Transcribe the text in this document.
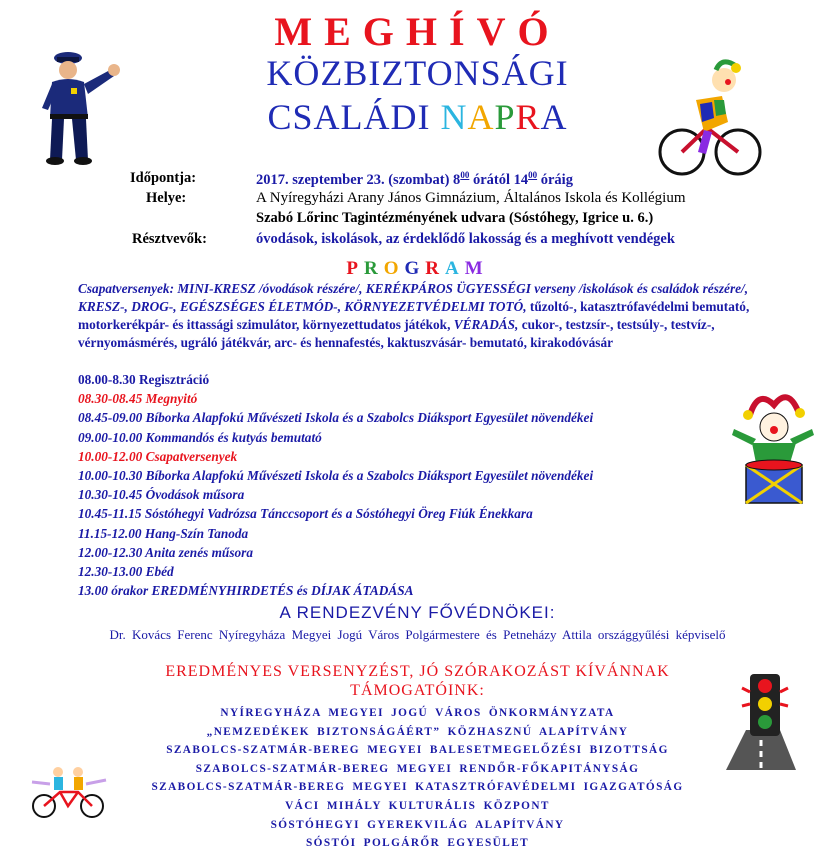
MEGHÍVÓ
KÖZBIZTONSÁGI
CSALÁDI NAPRA
Időpontja:	2017. szeptember 23. (szombat) $8^{00}$ órától $14^{00}$ óráig
Helye:	A Nyíregyházi Arany János Gimnázium, Általános Iskola és Kollégium
Szabó Lőrinc Tagintézményének udvara (Sóstóhegy, Igrice u. 6.)
Résztvevők:	óvodások, iskolások, az érdeklődő lakosság és a meghívott vendégek
PROGRAM
Csapatversenyek: MINI-KRESZ /óvodások részére/, KERÉKPÁROS ÜGYESSÉGI verseny /iskolások és családok részére/, KRESZ-, DROG-, EGÉSZSÉGES ÉLETMÓD-, KÖRNYEZETVÉDELMI TOTÓ, tűzoltó-, katasztrófavédelmi bemutató, motorkerékpár- és ittassági szimulátor, környezettudatos játékok, VÉRADÁS, cukor-, testzsír-, testsúly-, testvíz-, vérnyomásmérés, ugráló játékvár, arc- és hennafestés, kaktuszvásár- bemutató, kirakodóvásár
08.00-8.30 Regisztráció
08.30-08.45 Megnyitó
08.45-09.00 Bíborka Alapfokú Művészeti Iskola és a Szabolcs Diáksport Egyesület növendékei
09.00-10.00 Kommandós és kutyás bemutató
10.00-12.00 Csapatversenyek
10.00-10.30 Bíborka Alapfokú Művészeti Iskola és a Szabolcs Diáksport Egyesület növendékei
10.30-10.45 Óvodások műsora
10.45-11.15 Sóstóhegyi Vadrózsa Tánccsoport és a Sóstóhegyi Öreg Fiúk Énekkara
11.15-12.00 Hang-Szín Tanoda
12.00-12.30 Anita zenés műsora
12.30-13.00 Ebéd
13.00 órakor EREDMÉNYHIRDETÉS és DÍJAK ÁTADÁSA
A RENDEZVÉNY FŐVÉDNÖKEI:
Dr. Kovács Ferenc Nyíregyháza Megyei Jogú Város Polgármestere és Petneházy Attila országgyűlési képviselő
EREDMÉNYES VERSENYZÉST, JÓ SZÓRAKOZÁST KÍVÁNNAK
TÁMOGATÓINK:
NYÍREGYHÁZA MEGYEI JOGÚ VÁROS ÖNKORMÁNYZATA
„NEMZEDÉKEK BIZTONSÁGÁÉRT” KÖZHASZNÚ ALAPÍTVÁNY
SZABOLCS-SZATMÁR-BEREG MEGYEI BALESETMEGELŐZÉSI BIZOTTSÁG
SZABOLCS-SZATMÁR-BEREG MEGYEI RENDŐR-FŐKAPITÁNYSÁG
SZABOLCS-SZATMÁR-BEREG MEGYEI KATASZTRÓFAVÉDELMI IGAZGATÓSÁG
VÁCI MIHÁLY KULTURÁLIS KÖZPONT
SÓSTÓHEGYI GYEREKVILÁG ALAPÍTVÁNY
SÓSTÓI POLGÁRŐR EGYESÜLET
